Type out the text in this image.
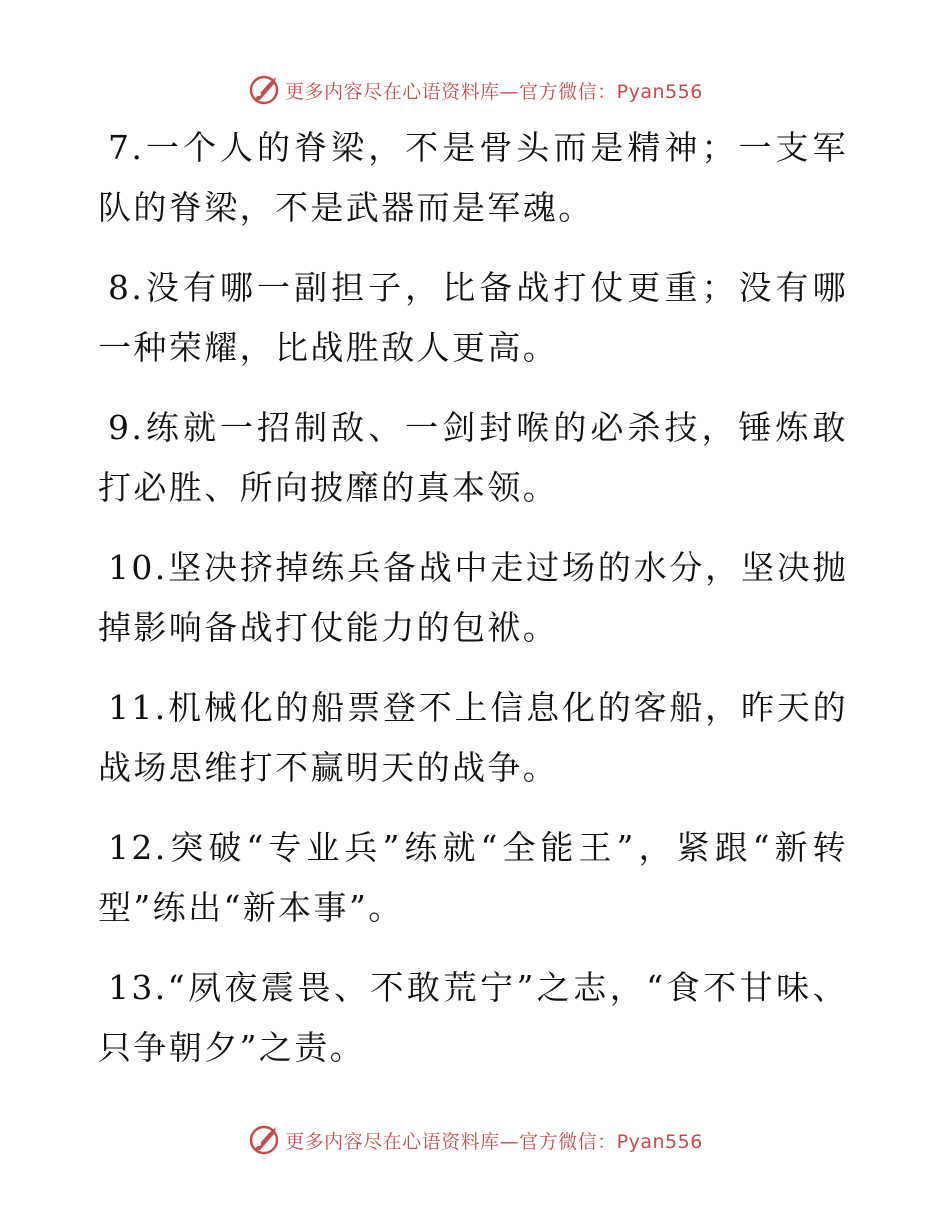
更多内容尽在心语资料库—官方微信：Pyan556

7.一个人的脊梁，不是骨头而是精神；一支军队的脊梁，不是武器而是军魂。

8.没有哪一副担子，比备战打仗更重；没有哪一种荣耀，比战胜敌人更高。

9.练就一招制敌、一剑封喉的必杀技，锤炼敢打必胜、所向披靡的真本领。

10.坚决挤掉练兵备战中走过场的水分，坚决抛掉影响备战打仗能力的包袱。

11.机械化的船票登不上信息化的客船，昨天的战场思维打不赢明天的战争。

12.突破“专业兵”练就“全能王”，紧跟“新转型”练出“新本事”。

13.“夙夜震畏、不敢荒宁”之志，“食不甘味、只争朝夕”之责。

更多内容尽在心语资料库—官方微信：Pyan556
